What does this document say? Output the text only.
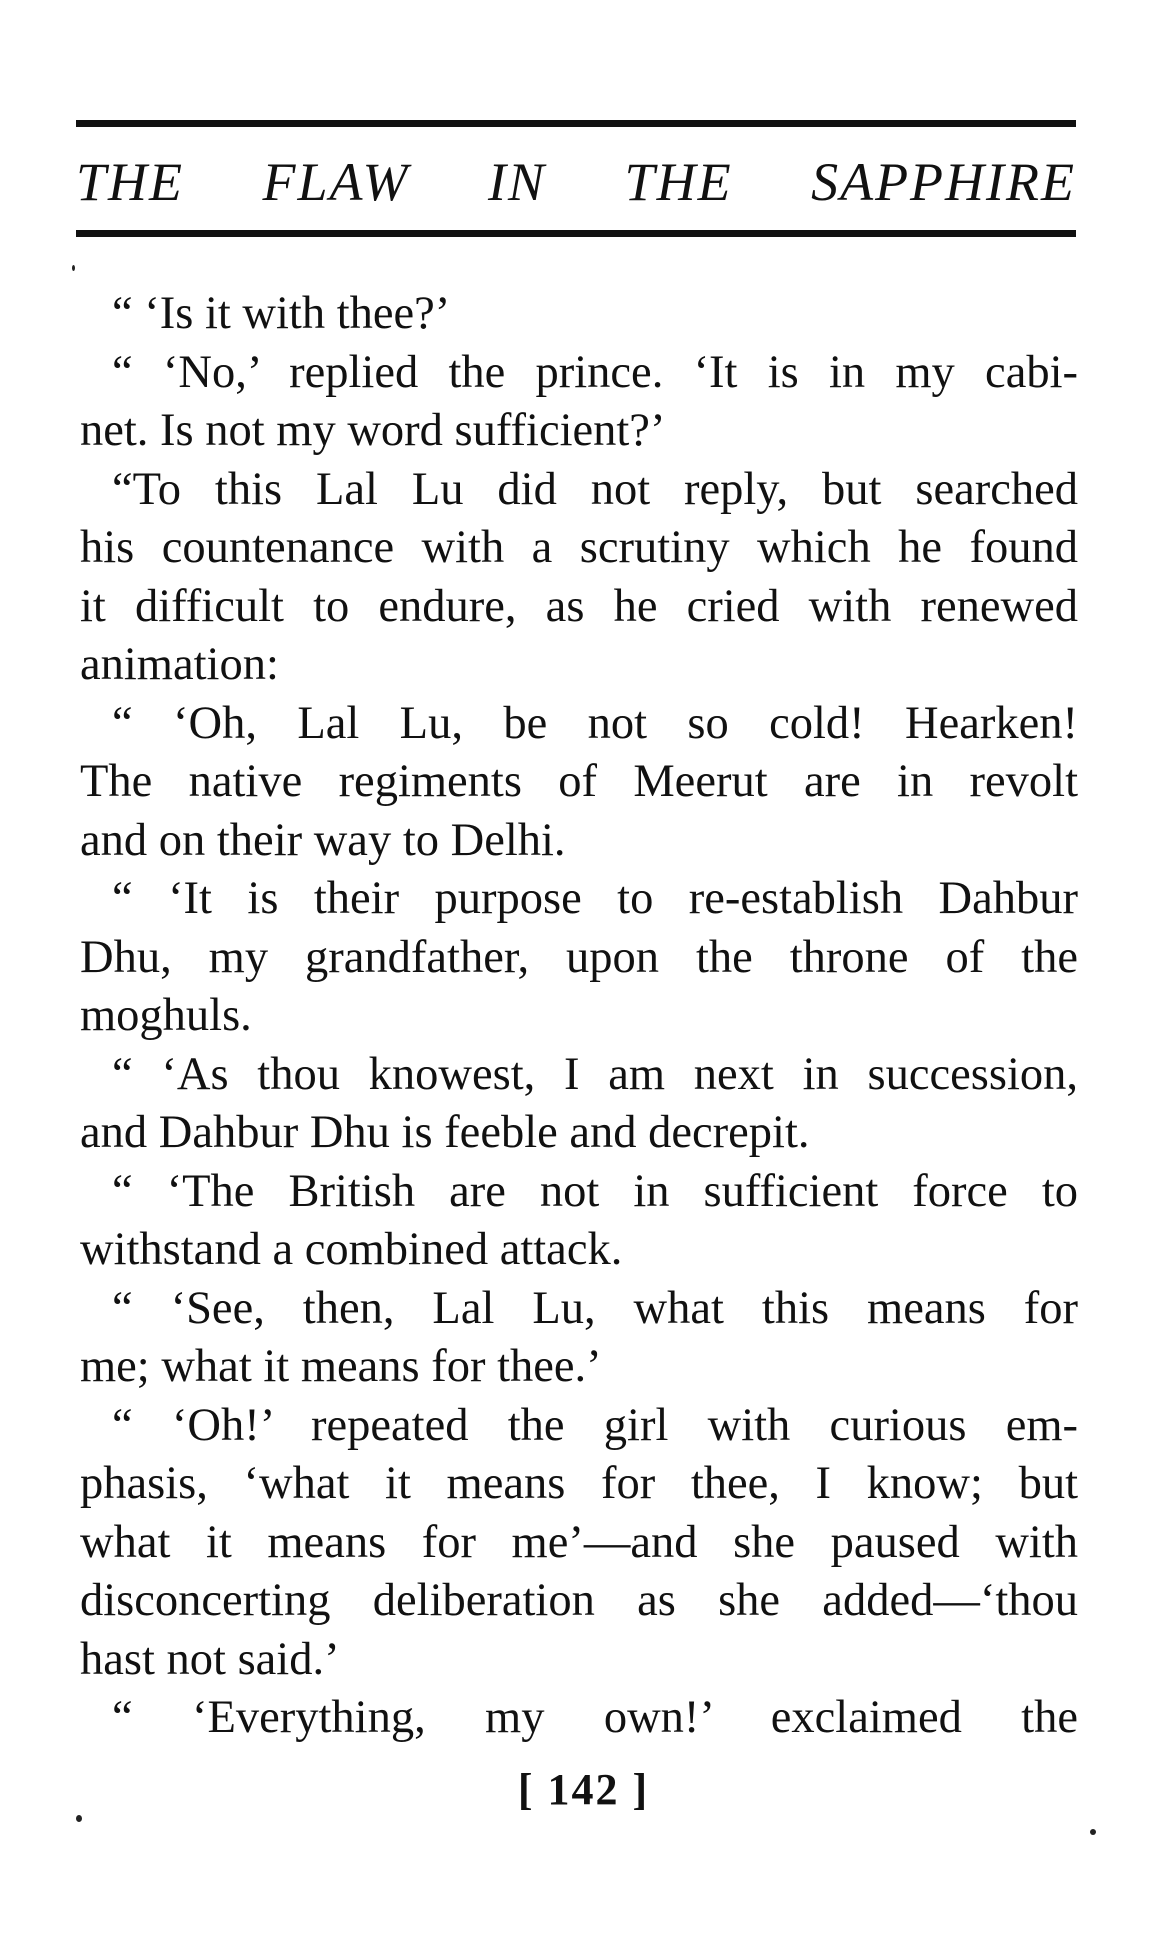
THE FLAW IN THE SAPPHIRE
“ ‘Is it with thee?’
“ ‘No,’ replied the prince. ‘It is in my cabi-
net. Is not my word sufficient?’
“To this Lal Lu did not reply, but searched
his countenance with a scrutiny which he found
it difficult to endure, as he cried with renewed
animation:
“ ‘Oh, Lal Lu, be not so cold! Hearken!
The native regiments of Meerut are in revolt
and on their way to Delhi.
“ ‘It is their purpose to re-establish Dahbur
Dhu, my grandfather, upon the throne of the
moghuls.
“ ‘As thou knowest, I am next in succession,
and Dahbur Dhu is feeble and decrepit.
“ ‘The British are not in sufficient force to
withstand a combined attack.
“ ‘See, then, Lal Lu, what this means for
me; what it means for thee.’
“ ‘Oh!’ repeated the girl with curious em-
phasis, ‘what it means for thee, I know; but
what it means for me’—and she paused with
disconcerting deliberation as she added—‘thou
hast not said.’
“ ‘Everything, my own!’ exclaimed the
[ 142 ]
